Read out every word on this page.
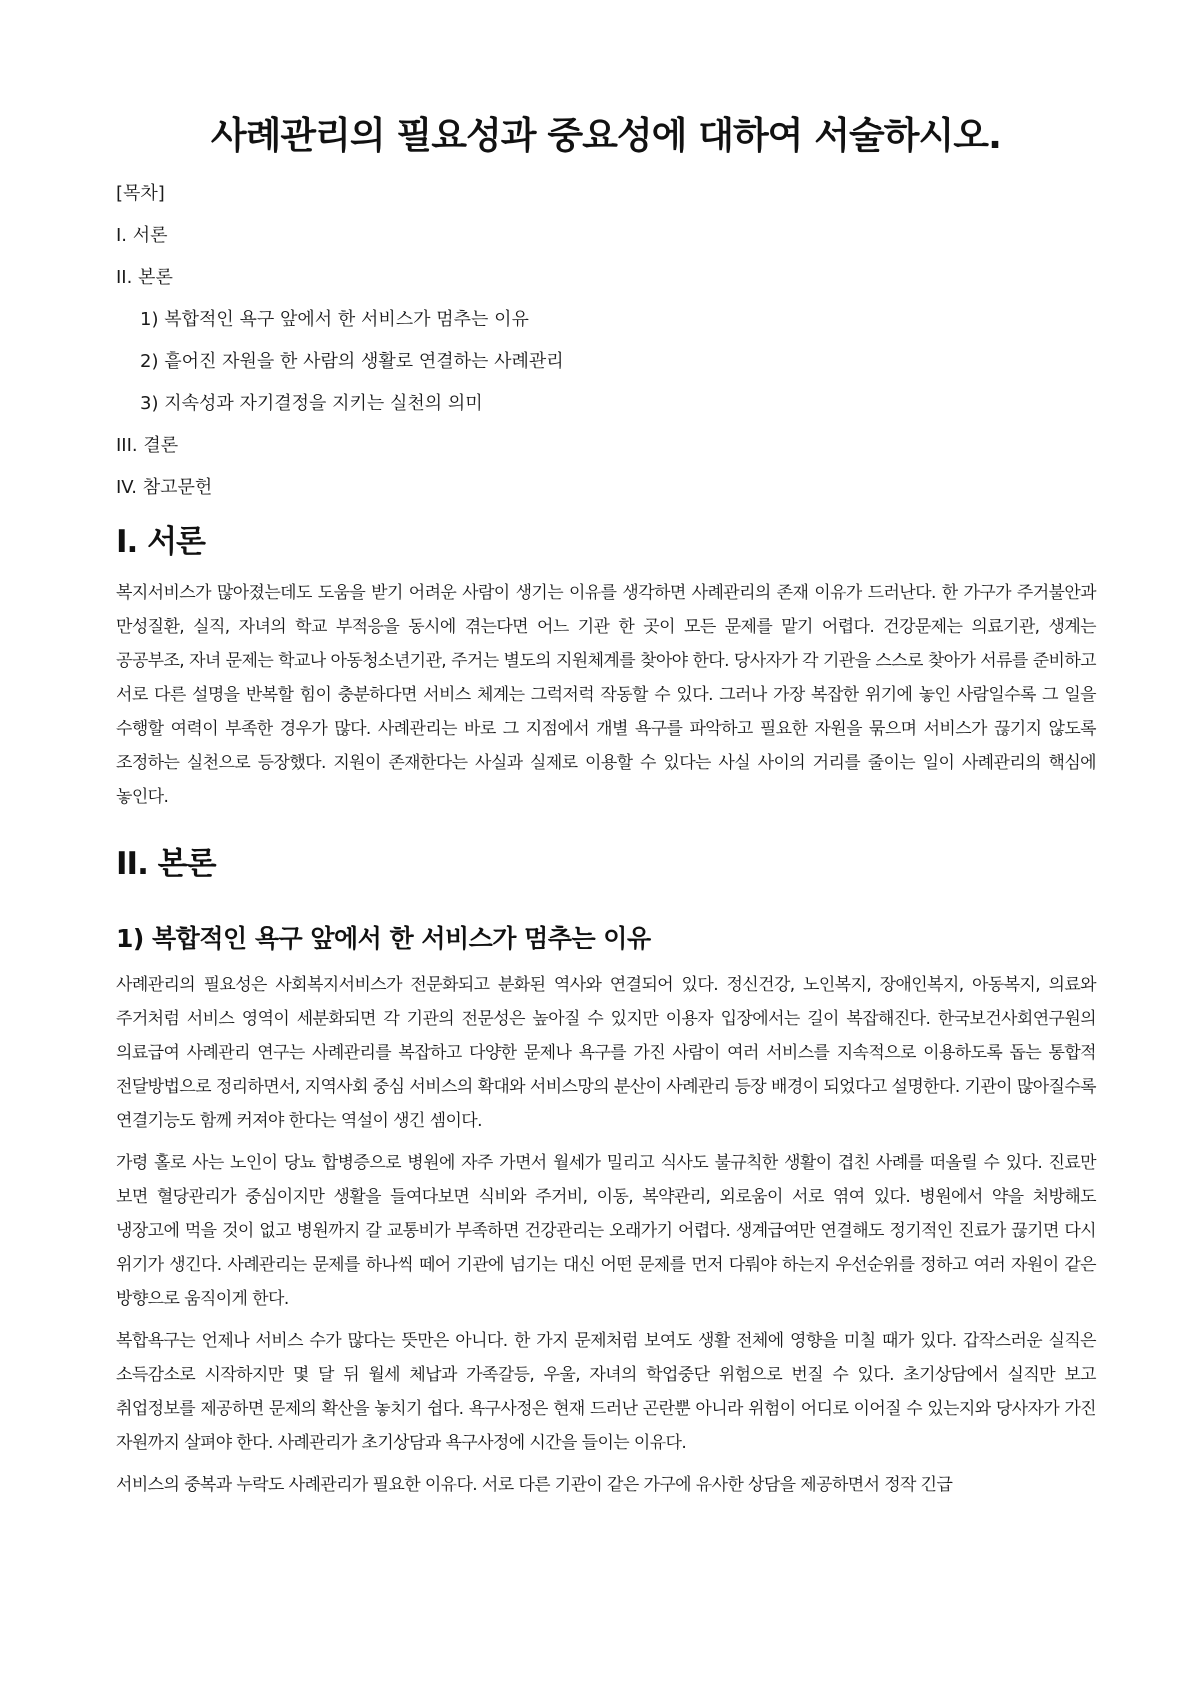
사례관리의 필요성과 중요성에 대하여 서술하시오.
[목차]
I. 서론
II. 본론
1) 복합적인 욕구 앞에서 한 서비스가 멈추는 이유
2) 흩어진 자원을 한 사람의 생활로 연결하는 사례관리
3) 지속성과 자기결정을 지키는 실천의 의미
III. 결론
IV. 참고문헌
I. 서론

복지서비스가 많아졌는데도 도움을 받기 어려운 사람이 생기는 이유를 생각하면 사례관리의 존재 이유가 드러난다. 한 가구가 주거불안과 만성질환, 실직, 자녀의 학교 부적응을 동시에 겪는다면 어느 기관 한 곳이 모든 문제를 맡기 어렵다. 건강문제는 의료기관, 생계는 공공부조, 자녀 문제는 학교나 아동청소년기관, 주거는 별도의 지원체계를 찾아야 한다. 당사자가 각 기관을 스스로 찾아가 서류를 준비하고 서로 다른 설명을 반복할 힘이 충분하다면 서비스 체계는 그럭저럭 작동할 수 있다. 그러나 가장 복잡한 위기에 놓인 사람일수록 그 일을 수행할 여력이 부족한 경우가 많다. 사례관리는 바로 그 지점에서 개별 욕구를 파악하고 필요한 자원을 묶으며 서비스가 끊기지 않도록 조정하는 실천으로 등장했다. 지원이 존재한다는 사실과 실제로 이용할 수 있다는 사실 사이의 거리를 줄이는 일이 사례관리의 핵심에 놓인다.

II. 본론
1) 복합적인 욕구 앞에서 한 서비스가 멈추는 이유

사례관리의 필요성은 사회복지서비스가 전문화되고 분화된 역사와 연결되어 있다. 정신건강, 노인복지, 장애인복지, 아동복지, 의료와 주거처럼 서비스 영역이 세분화되면 각 기관의 전문성은 높아질 수 있지만 이용자 입장에서는 길이 복잡해진다. 한국보건사회연구원의 의료급여 사례관리 연구는 사례관리를 복잡하고 다양한 문제나 욕구를 가진 사람이 여러 서비스를 지속적으로 이용하도록 돕는 통합적 전달방법으로 정리하면서, 지역사회 중심 서비스의 확대와 서비스망의 분산이 사례관리 등장 배경이 되었다고 설명한다. 기관이 많아질수록 연결기능도 함께 커져야 한다는 역설이 생긴 셈이다.

가령 홀로 사는 노인이 당뇨 합병증으로 병원에 자주 가면서 월세가 밀리고 식사도 불규칙한 생활이 겹친 사례를 떠올릴 수 있다. 진료만 보면 혈당관리가 중심이지만 생활을 들여다보면 식비와 주거비, 이동, 복약관리, 외로움이 서로 엮여 있다. 병원에서 약을 처방해도 냉장고에 먹을 것이 없고 병원까지 갈 교통비가 부족하면 건강관리는 오래가기 어렵다. 생계급여만 연결해도 정기적인 진료가 끊기면 다시 위기가 생긴다. 사례관리는 문제를 하나씩 떼어 기관에 넘기는 대신 어떤 문제를 먼저 다뤄야 하는지 우선순위를 정하고 여러 자원이 같은 방향으로 움직이게 한다.

복합욕구는 언제나 서비스 수가 많다는 뜻만은 아니다. 한 가지 문제처럼 보여도 생활 전체에 영향을 미칠 때가 있다. 갑작스러운 실직은 소득감소로 시작하지만 몇 달 뒤 월세 체납과 가족갈등, 우울, 자녀의 학업중단 위험으로 번질 수 있다. 초기상담에서 실직만 보고 취업정보를 제공하면 문제의 확산을 놓치기 쉽다. 욕구사정은 현재 드러난 곤란뿐 아니라 위험이 어디로 이어질 수 있는지와 당사자가 가진 자원까지 살펴야 한다. 사례관리가 초기상담과 욕구사정에 시간을 들이는 이유다.

서비스의 중복과 누락도 사례관리가 필요한 이유다. 서로 다른 기관이 같은 가구에 유사한 상담을 제공하면서 정작 긴급
